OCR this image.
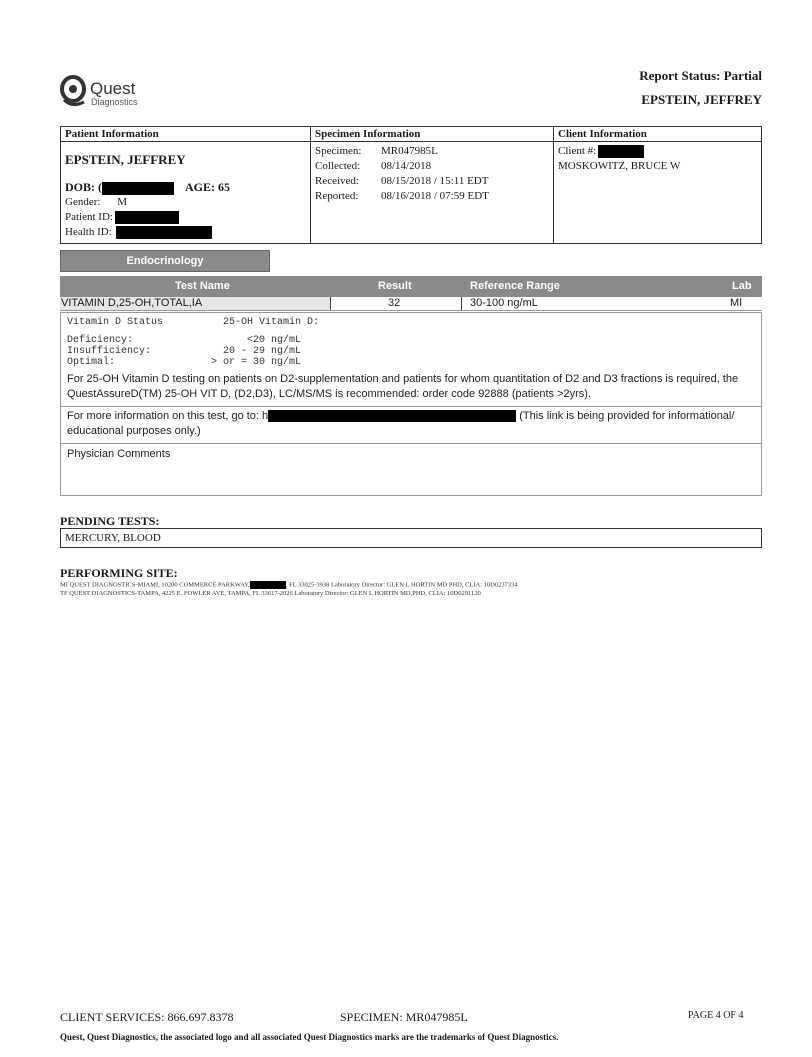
Quest
Diagnostics
Report Status: Partial
EPSTEIN, JEFFREY
Patient Information
EPSTEIN, JEFFREY
DOB: (	AGE: 65
Gender: M
Patient ID:
Health ID:
Specimen Information
Specimen:	MR047985L
Collected:	08/14/2018
Received:	08/15/2018 / 15:11 EDT
Reported:	08/16/2018 / 07:59 EDT
Client Information
Client #:
MOSKOWITZ, BRUCE W
Endocrinology
Test Name	Result	Reference Range	Lab
VITAMIN D,25-OH,TOTAL,IA	32	30-100 ng/mL	MI
Vitamin D Status          25-OH Vitamin D:
Deficiency:                   <20 ng/mL
Insufficiency:            20 - 29 ng/mL
Optimal:                > or = 30 ng/mL
For 25-OH Vitamin D testing on patients on D2-supplementation and patients for whom quantitation of D2 and D3 fractions is required, the QuestAssureD(TM) 25-OH VIT D, (D2,D3), LC/MS/MS is recommended: order code 92888 (patients >2yrs).
For more information on this test, go to: h	(This link is being provided for informational/
educational purposes only.)
Physician Comments
PENDING TESTS:
MERCURY, BLOOD
PERFORMING SITE:
MI QUEST DIAGNOSTICS-MIAMI, 10200 COMMERCE PARKWAY,	, FL 33025-3938 Laboratory Director: GLEN L HORTIN MD PHD, CLIA: 10D0237334
TF QUEST DIAGNOSTICS-TAMPA, 4225 E. FOWLER AVE, TAMPA, FL 33617-2026 Laboratory Director: GLEN L HORTIN MD,PHD, CLIA: 10D0291120
CLIENT SERVICES: 866.697.8378	SPECIMEN: MR047985L	PAGE 4 OF 4
Quest, Quest Diagnostics, the associated logo and all associated Quest Diagnostics marks are the trademarks of Quest Diagnostics.
